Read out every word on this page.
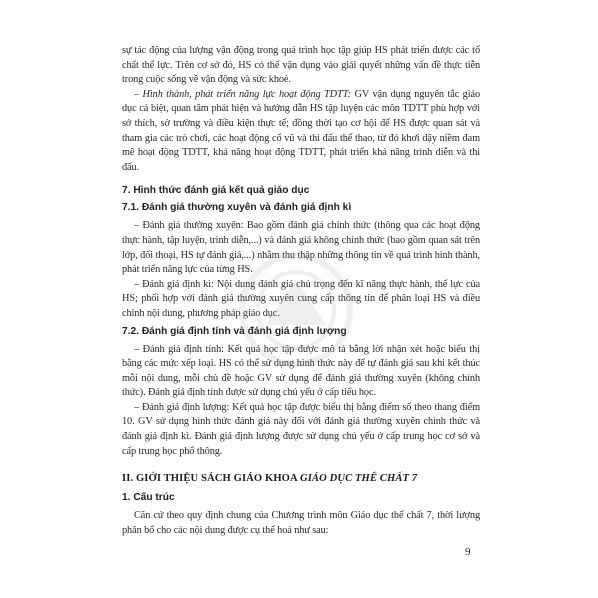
sự tác động của lượng vận động trong quá trình học tập giúp HS phát triển được các tố chất thể lực. Trên cơ sở đó, HS có thể vận dụng vào giải quyết những vấn đề thực tiễn trong cuộc sống về vận động và sức khoẻ.

– Hình thành, phát triển năng lực hoạt động TDTT: GV vận dụng nguyên tắc giáo dục cá biệt, quan tâm phát hiện và hướng dẫn HS tập luyện các môn TDTT phù hợp với sở thích, sở trường và điều kiện thực tế; đồng thời tạo cơ hội để HS được quan sát và tham gia các trò chơi, các hoạt động cổ vũ và thi đấu thể thao, từ đó khơi dậy niềm đam mê hoạt động TDTT, khả năng hoạt động TDTT, phát triển khả năng trình diễn và thi đấu.

7. Hình thức đánh giá kết quả giáo dục
7.1. Đánh giá thường xuyên và đánh giá định kì

– Đánh giá thường xuyên: Bao gồm đánh giá chính thức (thông qua các hoạt động thực hành, tập luyện, trình diễn,...) và đánh giá không chính thức (bao gồm quan sát trên lớp, đối thoại, HS tự đánh giá,...) nhằm thu thập những thông tin về quá trình hình thành, phát triển năng lực của từng HS.

– Đánh giá định kì: Nội dung đánh giá chủ trọng đến kĩ năng thực hành, thể lực của HS; phối hợp với đánh giá thường xuyên cung cấp thông tin để phân loại HS và điều chỉnh nội dung, phương pháp giáo dục.

7.2. Đánh giá định tính và đánh giá định lượng

– Đánh giá định tính: Kết quả học tập được mô tả bằng lời nhận xét hoặc biểu thị bằng các mức xếp loại. HS có thể sử dụng hình thức này để tự đánh giá sau khi kết thúc mỗi nội dung, mỗi chủ đề hoặc GV sử dụng để đánh giá thường xuyên (không chính thức). Đánh giá định tính được sử dụng chủ yếu ở cấp tiểu học.

– Đánh giá định lượng: Kết quả học tập được biểu thị bằng điểm số theo thang điểm 10. GV sử dụng hình thức đánh giá này đối với đánh giá thường xuyên chính thức và đánh giá định kì. Đánh giá định lượng được sử dụng chủ yếu ở cấp trung học cơ sở và cấp trung học phổ thông.

II. GIỚI THIỆU SÁCH GIÁO KHOA GIÁO DỤC THỂ CHẤT 7
1. Cấu trúc

Căn cứ theo quy định chung của Chương trình môn Giáo dục thể chất 7, thời lượng phân bổ cho các nội dung được cụ thể hoá như sau:

9
